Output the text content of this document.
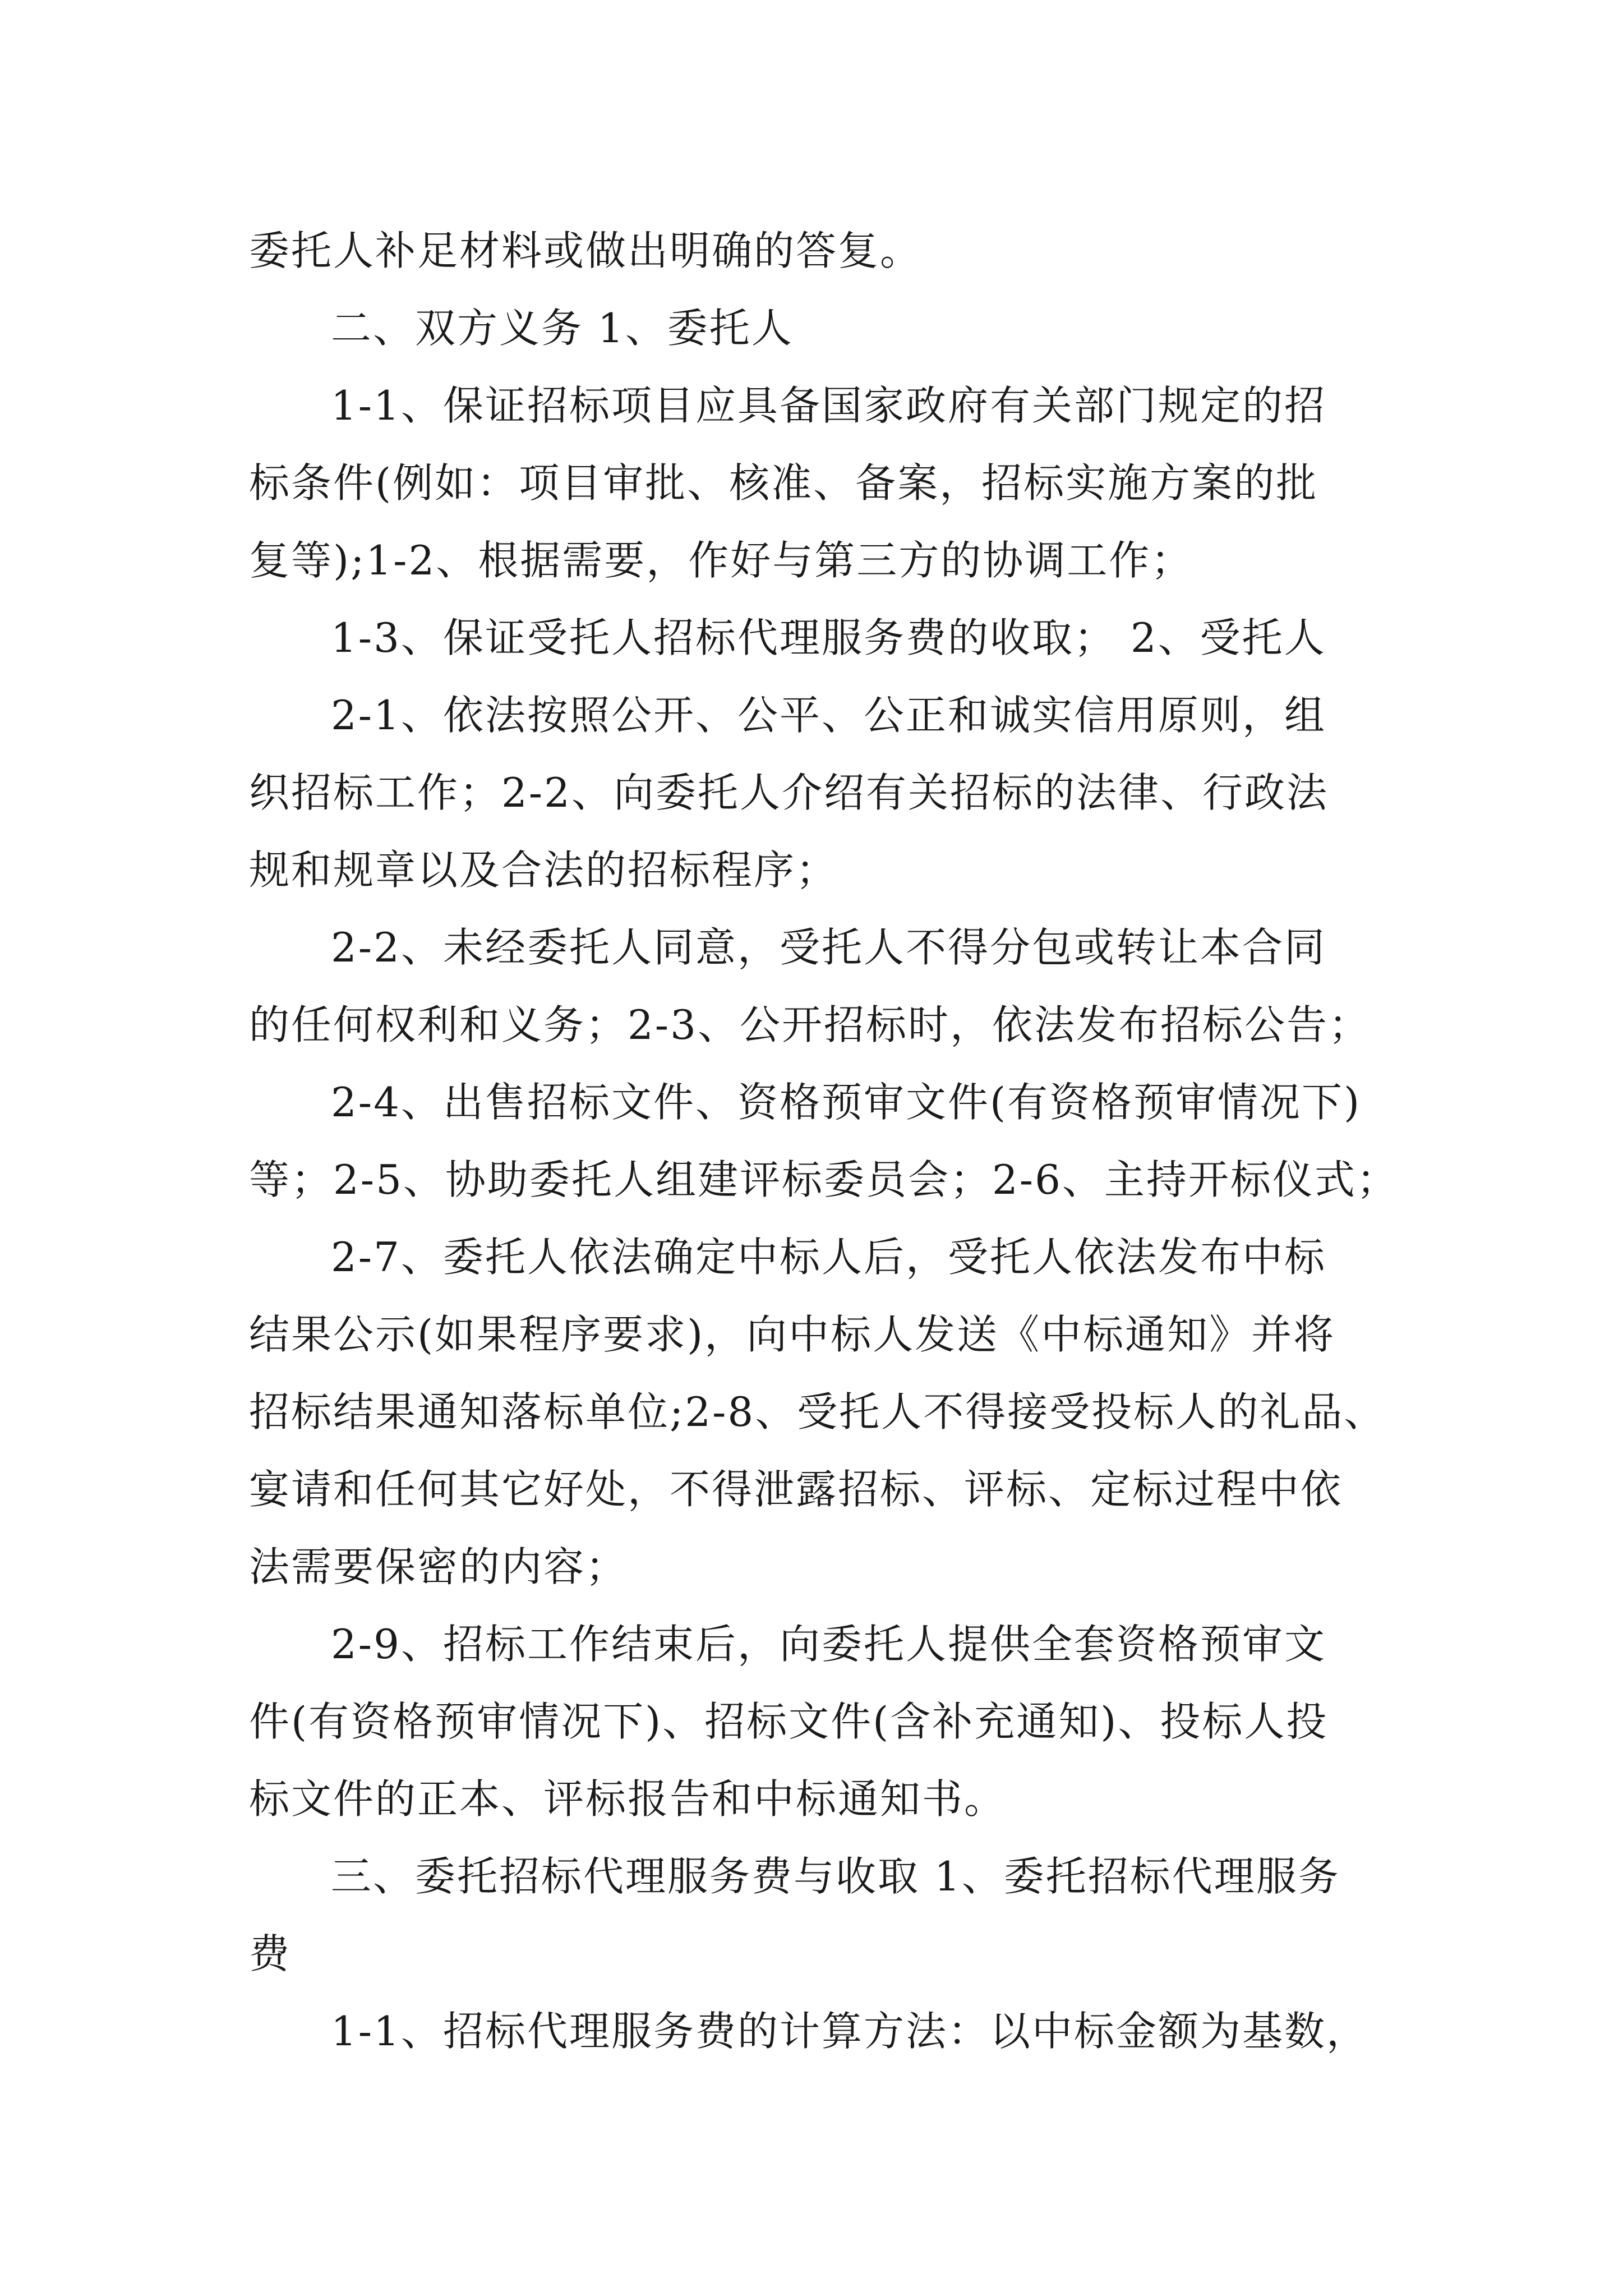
委托人补足材料或做出明确的答复。
二、双方义务 1、委托人
1-1、保证招标项目应具备国家政府有关部门规定的招
标条件(例如：项目审批、核准、备案，招标实施方案的批
复等);1-2、根据需要，作好与第三方的协调工作；
1-3、保证受托人招标代理服务费的收取； 2、受托人
2-1、依法按照公开、公平、公正和诚实信用原则，组
织招标工作；2-2、向委托人介绍有关招标的法律、行政法
规和规章以及合法的招标程序；
2-2、未经委托人同意，受托人不得分包或转让本合同
的任何权利和义务；2-3、公开招标时，依法发布招标公告；
2-4、出售招标文件、资格预审文件(有资格预审情况下)
等；2-5、协助委托人组建评标委员会；2-6、主持开标仪式；
2-7、委托人依法确定中标人后，受托人依法发布中标
结果公示(如果程序要求)，向中标人发送《中标通知》并将
招标结果通知落标单位;2-8、受托人不得接受投标人的礼品、
宴请和任何其它好处，不得泄露招标、评标、定标过程中依
法需要保密的内容；
2-9、招标工作结束后，向委托人提供全套资格预审文
件(有资格预审情况下)、招标文件(含补充通知)、投标人投
标文件的正本、评标报告和中标通知书。
三、委托招标代理服务费与收取 1、委托招标代理服务
费
1-1、招标代理服务费的计算方法：以中标金额为基数，
